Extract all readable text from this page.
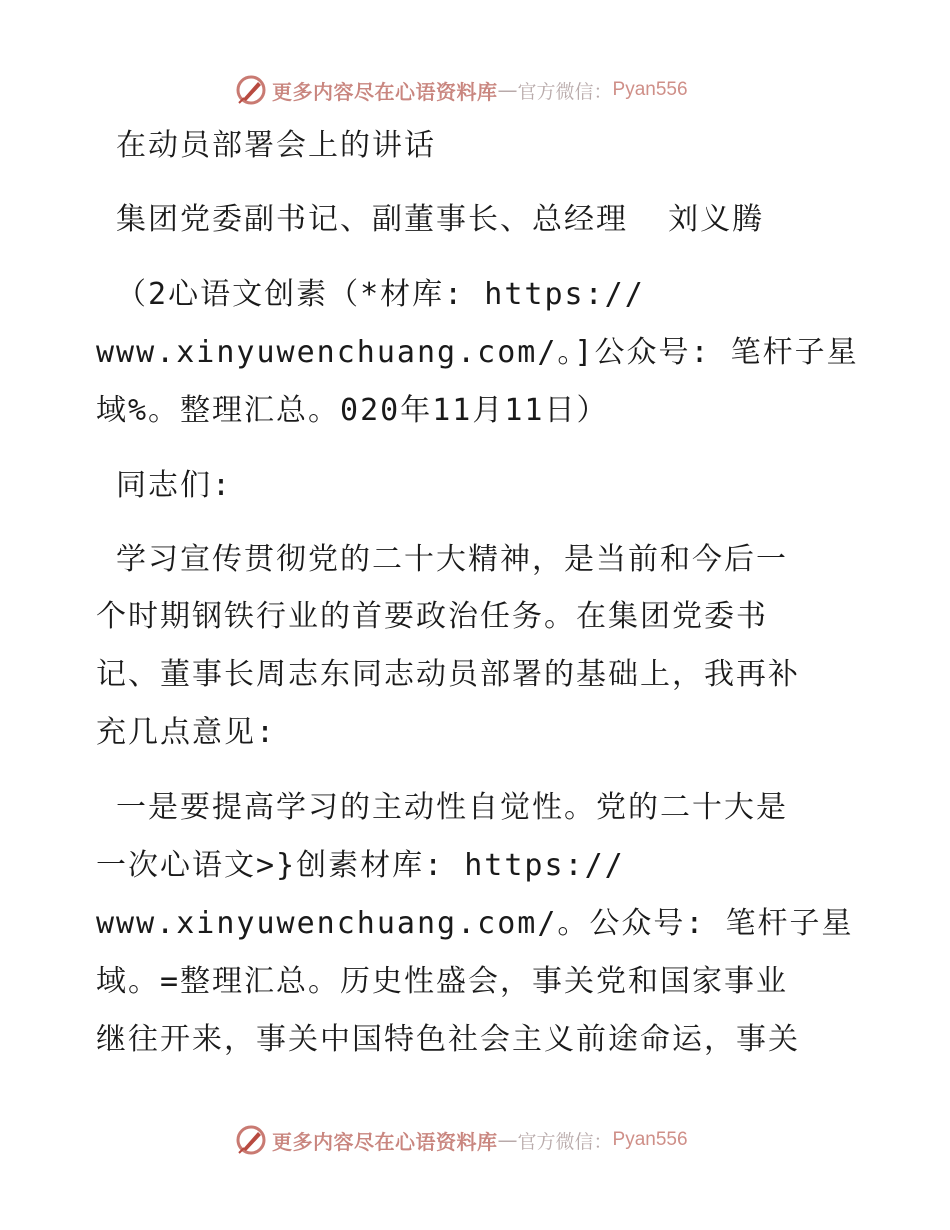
更多内容尽在心语资料库 — 官方微信： Pyan556
在动员部署会上的讲话
集团党委副书记、副董事长、总经理  刘义腾
（2心语文创素（*材库: https://
www.xinyuwenchuang.com/。]公众号: 笔杆子星
域%。整理汇总。020年11月11日）
同志们:
学习宣传贯彻党的二十大精神，是当前和今后一
个时期钢铁行业的首要政治任务。在集团党委书
记、董事长周志东同志动员部署的基础上，我再补
充几点意见:
一是要提高学习的主动性自觉性。党的二十大是
一次心语文>}创素材库: https://
www.xinyuwenchuang.com/。公众号: 笔杆子星
域。=整理汇总。历史性盛会，事关党和国家事业
继往开来，事关中国特色社会主义前途命运，事关
更多内容尽在心语资料库 — 官方微信： Pyan556
